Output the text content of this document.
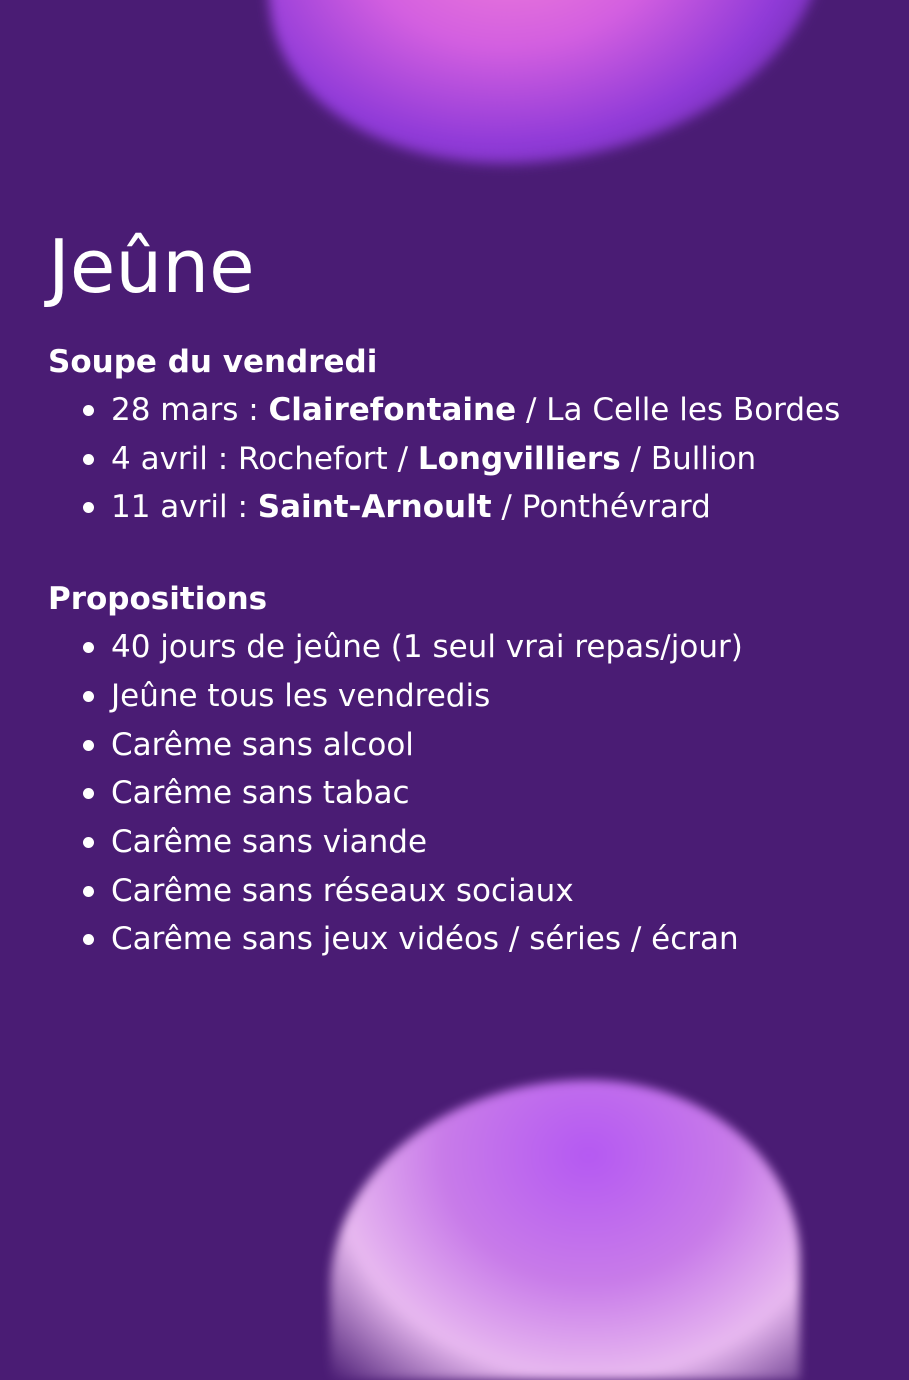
Jeûne
Soupe du vendredi
28 mars : Clairefontaine / La Celle les Bordes
4 avril : Rochefort / Longvilliers / Bullion
11 avril : Saint-Arnoult / Ponthévrard
Propositions
40 jours de jeûne (1 seul vrai repas/jour)
Jeûne tous les vendredis
Carême sans alcool
Carême sans tabac
Carême sans viande
Carême sans réseaux sociaux
Carême sans jeux vidéos / séries / écran
